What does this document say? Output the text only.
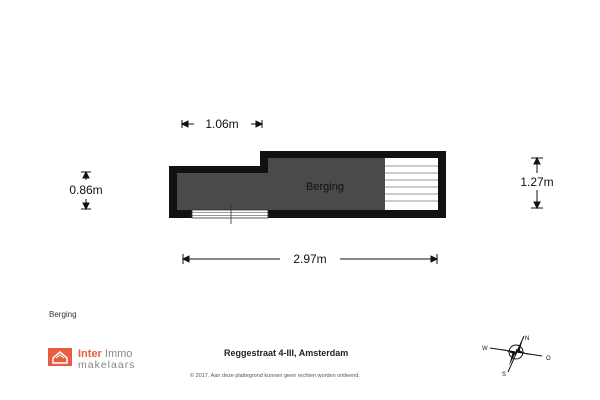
Berging
1.06m
0.86m
1.27m
2.97m
Berging
Inter Immo
makelaars
Reggestraat 4-III, Amsterdam
© 2017. Aan deze plattegrond kunnen geen rechten worden ontleend.
N
W
S
O
